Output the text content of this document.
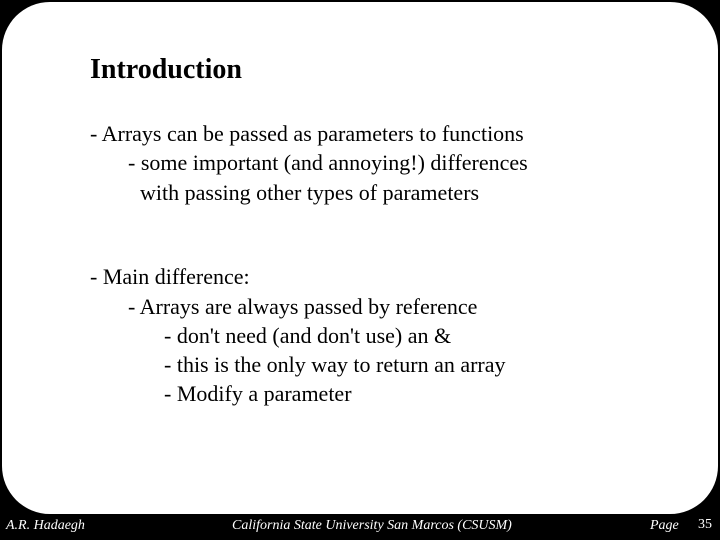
Introduction
- Arrays can be passed as parameters to functions
- some important (and annoying!) differences
with passing other types of parameters
- Main difference:
- Arrays are always passed by reference
- don't need (and don't use) an &
- this is the only way to return an array
- Modify a parameter
A.R. Hadaegh	California State University San Marcos (CSUSM)	Page 35
